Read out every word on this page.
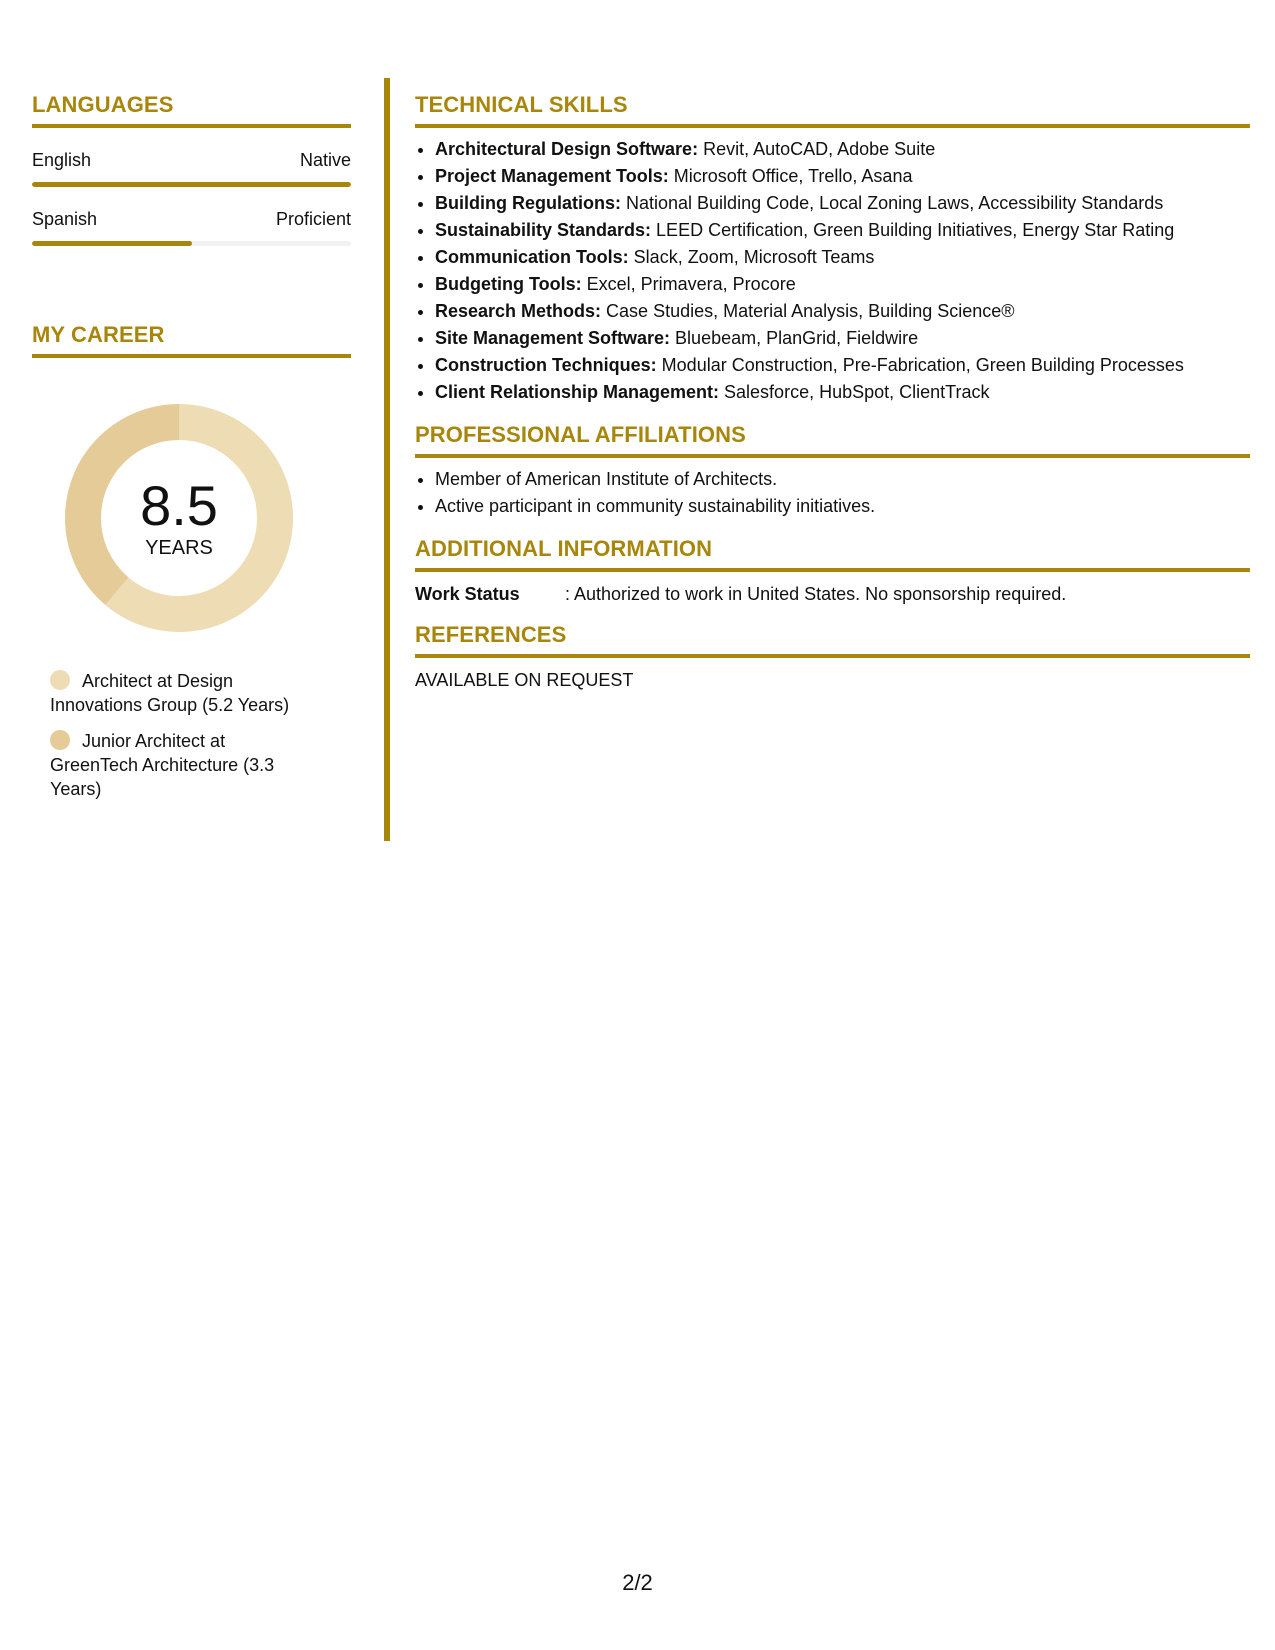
LANGUAGES
English	Native
Spanish	Proficient
MY CAREER
8.5
YEARS
Architect at Design Innovations Group (5.2 Years)
Junior Architect at GreenTech Architecture (3.3 Years)
TECHNICAL SKILLS
• Architectural Design Software: Revit, AutoCAD, Adobe Suite
• Project Management Tools: Microsoft Office, Trello, Asana
• Building Regulations: National Building Code, Local Zoning Laws, Accessibility Standards
• Sustainability Standards: LEED Certification, Green Building Initiatives, Energy Star Rating
• Communication Tools: Slack, Zoom, Microsoft Teams
• Budgeting Tools: Excel, Primavera, Procore
• Research Methods: Case Studies, Material Analysis, Building Science®
• Site Management Software: Bluebeam, PlanGrid, Fieldwire
• Construction Techniques: Modular Construction, Pre-Fabrication, Green Building Processes
• Client Relationship Management: Salesforce, HubSpot, ClientTrack
PROFESSIONAL AFFILIATIONS
• Member of American Institute of Architects.
• Active participant in community sustainability initiatives.
ADDITIONAL INFORMATION
Work Status	: Authorized to work in United States. No sponsorship required.
REFERENCES
AVAILABLE ON REQUEST
2/2
